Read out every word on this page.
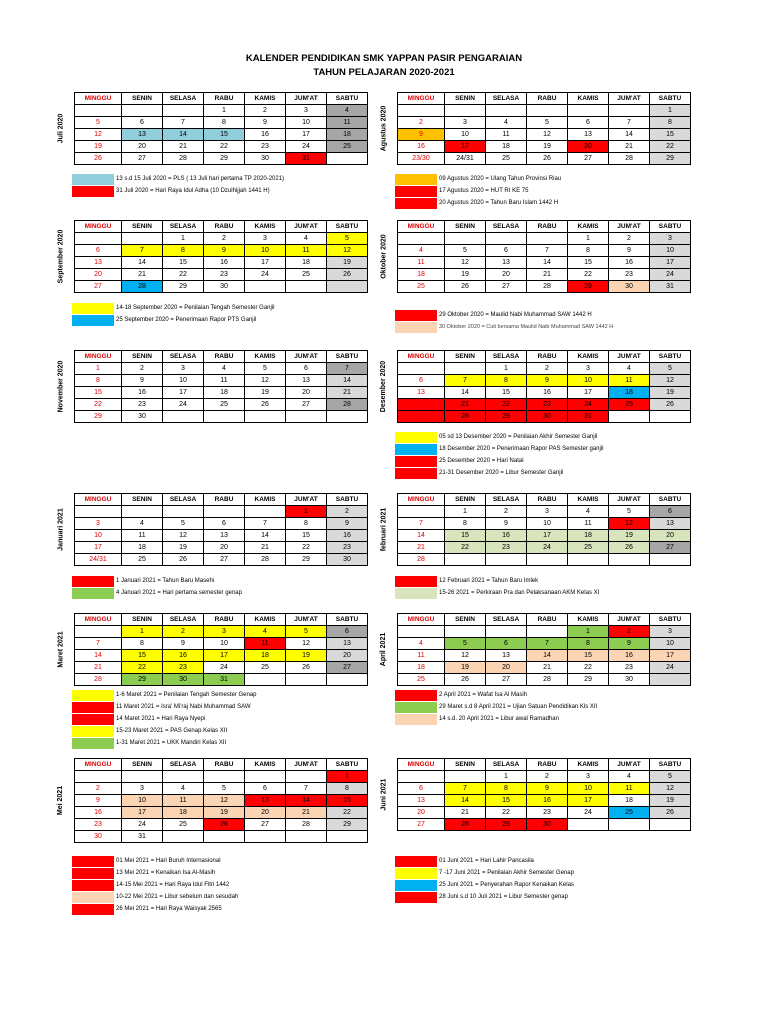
KALENDER PENDIDIKAN SMK YAPPAN PASIR PENGARAIAN
TAHUN PELAJARAN 2020-2021
Juli 2020
MINGGU	SENIN	SELASA	RABU	KAMIS	JUM'AT	SABTU
			1	2	3	4
5	6	7	8	9	10	11
12	13	14	15	16	17	18
19	20	21	22	23	24	25
26	27	28	29	30	31	
13 s.d 15 Juli 2020 = PLS ( 13 Juli hari pertama TP 2020-2021)
31 Juli 2020 = Hari Raya Idul Adha (10 Dzulhijjah 1441 H)
Agustus 2020
MINGGU	SENIN	SELASA	RABU	KAMIS	JUM'AT	SABTU
						1
2	3	4	5	6	7	8
9	10	11	12	13	14	15
16	17	18	19	20	21	22
23/30	24/31	25	26	27	28	29
09 Agustus 2020 = Ulang Tahun Provinsi Riau
17 Agustus 2020 = HUT RI KE 75
20 Agustus 2020 = Tahun Baru Islam 1442 H
September 2020
MINGGU	SENIN	SELASA	RABU	KAMIS	JUM'AT	SABTU
		1	2	3	4	5
6	7	8	9	10	11	12
13	14	15	16	17	18	19
20	21	22	23	24	25	26
27	28	29	30			
14-18 September 2020 = Penilaian Tengah Semester Ganjil
25 September 2020 = Penerimaan Rapor PTS Ganjil
Oktober 2020
MINGGU	SENIN	SELASA	RABU	KAMIS	JUM'AT	SABTU
				1	2	3
4	5	6	7	8	9	10
11	12	13	14	15	16	17
18	19	20	21	22	23	24
25	26	27	28	29	30	31
29 Oktober 2020 = Maulid Nabi Muhammad SAW 1442 H
30 Oktober 2020 = Cuti bersama Maulid Nabi Muhammad SAW 1442 H
November 2020
MINGGU	SENIN	SELASA	RABU	KAMIS	JUM'AT	SABTU
1	2	3	4	5	6	7
8	9	10	11	12	13	14
15	16	17	18	19	20	21
22	23	24	25	26	27	28
29	30					
Desember 2020
MINGGU	SENIN	SELASA	RABU	KAMIS	JUM'AT	SABTU
		1	2	3	4	5
6	7	8	9	10	11	12
13	14	15	16	17	18	19
20	21	22	23	24	25	26
27	28	29	30	31		
05 sd 13 Desember 2020 = Penilaian Akhir Semester Ganjil
18 Desember 2020 = Penerimaan Rapor PAS Semester ganjil
25 Desember 2020 = Hari Natal
21-31 Desember 2020 = Libur Semester Ganjil
Januari 2021
MINGGU	SENIN	SELASA	RABU	KAMIS	JUM'AT	SABTU
					1	2
3	4	5	6	7	8	9
10	11	12	13	14	15	16
17	18	19	20	21	22	23
24/31	25	26	27	28	29	30
1 Januari 2021 = Tahun Baru Masehi
4 Januari 2021 = Hari pertama semester genap
februari 2021
MINGGU	SENIN	SELASA	RABU	KAMIS	JUM'AT	SABTU
	1	2	3	4	5	6
7	8	9	10	11	12	13
14	15	16	17	18	19	20
21	22	23	24	25	26	27
28						
12 Februari 2021 = Tahun Baru Imlek
15-26 2021 = Perkiraan Pra dan Pelaksanaan AKM Kelas XI
Maret 2021
MINGGU	SENIN	SELASA	RABU	KAMIS	JUM'AT	SABTU
	1	2	3	4	5	6
7	8	9	10	11	12	13
14	15	16	17	18	19	20
21	22	23	24	25	26	27
28	29	30	31			
1-6 Maret 2021 = Penilaian Tengah Semester Genap
11 Maret 2021 = Isra' Mi'raj Nabi Muhammad SAW
14 Maret 2021 = Hari Raya Nyepi
15-23 Maret 2021 = PAS Genap Kelas XII
1-31 Maret 2021 = UKK Mandiri Kelas XII
April 2021
MINGGU	SENIN	SELASA	RABU	KAMIS	JUM'AT	SABTU
				1	2	3
4	5	6	7	8	9	10
11	12	13	14	15	16	17
18	19	20	21	22	23	24
25	26	27	28	29	30	
2 April 2021 = Wafat Isa Al Masih
29 Maret s.d 8 April 2021 = Ujian Satuan Pendidikan Kls XII
14 s.d. 20 April 2021 = Libur awal Ramadhan
Mei 2021
MINGGU	SENIN	SELASA	RABU	KAMIS	JUM'AT	SABTU
						1
2	3	4	5	6	7	8
9	10	11	12	13	14	15
16	17	18	19	20	21	22
23	24	25	26	27	28	29
30	31					
01 Mei 2021 = Hari Buruh Internasional
13 Mei 2021 = Kenaikan Isa Al-Masih
14-15 Mei 2021 = Hari Raya Idul Fitri 1442
10-22 Mei 2021 = Libur sebelum dan sesudah
26 Mei 2021 = Hari Raya Waisyak 2565
Juni 2021
MINGGU	SENIN	SELASA	RABU	KAMIS	JUM'AT	SABTU
		1	2	3	4	5
6	7	8	9	10	11	12
13	14	15	16	17	18	19
20	21	22	23	24	25	26
27	28	29	30			
01 Juni 2021 = Hari Lahir Pancasila
7 -17 Juni 2021 = Penilaian Akhir Semester Genap
25 Juni 2021 = Penyerahan Rapor Kenaikan Kelas
28 Juni s.d 10 Juli 2021 = Libur Semester genap
